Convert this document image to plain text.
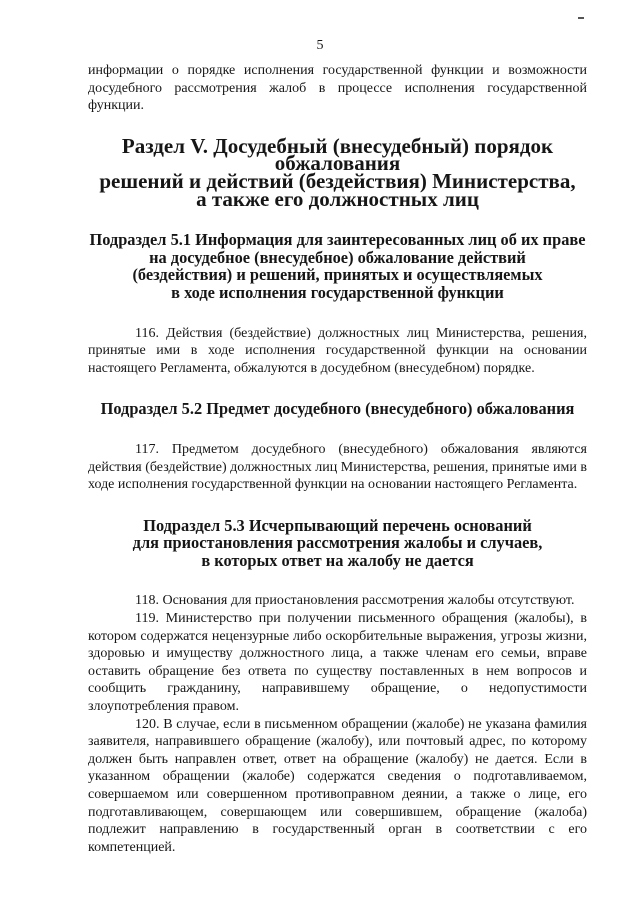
5

информации о порядке исполнения государственной функции и возможности досудебного рассмотрения жалоб в процессе исполнения государственной функции.

Раздел V. Досудебный (внесудебный) порядок обжалования
решений и действий (бездействия) Министерства,
а также его должностных лиц
Подраздел 5.1 Информация для заинтересованных лиц об их праве
на досудебное (внесудебное) обжалование действий
(бездействия) и решений, принятых и осуществляемых
в ходе исполнения государственной функции

116. Действия (бездействие) должностных лиц Министерства, решения, принятые ими в ходе исполнения государственной функции на основании настоящего Регламента, обжалуются в досудебном (внесудебном) порядке.

Подраздел 5.2 Предмет досудебного (внесудебного) обжалования

117. Предметом досудебного (внесудебного) обжалования являются действия (бездействие) должностных лиц Министерства, решения, принятые ими в ходе исполнения государственной функции на основании настоящего Регламента.

Подраздел 5.3 Исчерпывающий перечень оснований
для приостановления рассмотрения жалобы и случаев,
в которых ответ на жалобу не дается

118. Основания для приостановления рассмотрения жалобы отсутствуют.

119. Министерство при получении письменного обращения (жалобы), в котором содержатся нецензурные либо оскорбительные выражения, угрозы жизни, здоровью и имуществу должностного лица, а также членам его семьи, вправе оставить обращение без ответа по существу поставленных в нем вопросов и сообщить гражданину, направившему обращение, о недопустимости злоупотребления правом.

120. В случае, если в письменном обращении (жалобе) не указана фамилия заявителя, направившего обращение (жалобу), или почтовый адрес, по которому должен быть направлен ответ, ответ на обращение (жалобу) не дается. Если в указанном обращении (жалобе) содержатся сведения о подготавливаемом, совершаемом или совершенном противоправном деянии, а также о лице, его подготавливающем, совершающем или совершившем, обращение (жалоба) подлежит направлению в государственный орган в соответствии с его компетенцией.
